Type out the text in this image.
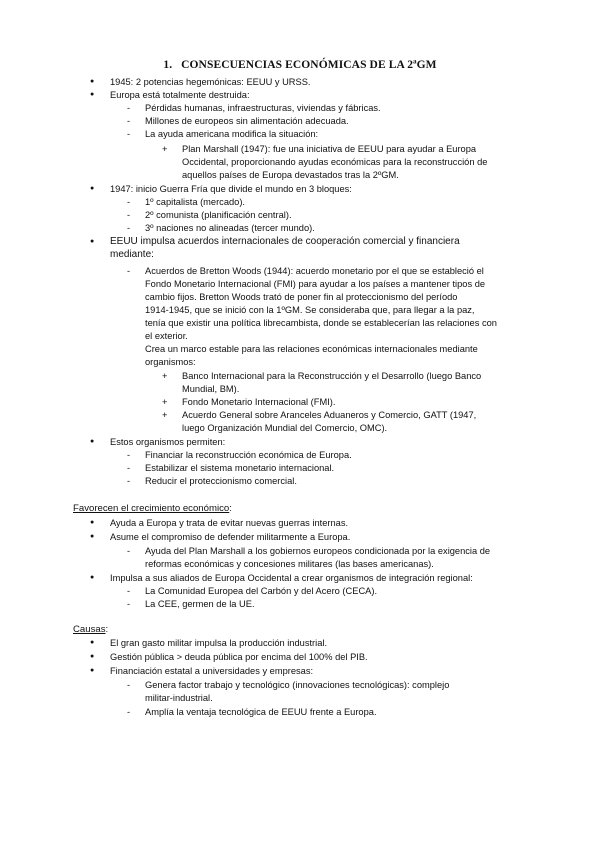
1.   CONSECUENCIAS ECONÓMICAS DE LA 2ªGM
● 1945: 2 potencias hegemónicas: EEUU y URSS.
● Europa está totalmente destruida:
- Pérdidas humanas, infraestructuras, viviendas y fábricas.
- Millones de europeos sin alimentación adecuada.
- La ayuda americana modifica la situación:
+ Plan Marshall (1947): fue una iniciativa de EEUU para ayudar a Europa
Occidental, proporcionando ayudas económicas para la reconstrucción de
aquellos países de Europa devastados tras la 2ºGM.
● 1947: inicio Guerra Fría que divide el mundo en 3 bloques:
- 1º capitalista (mercado).
- 2º comunista (planificación central).
- 3º naciones no alineadas (tercer mundo).
● EEUU impulsa acuerdos internacionales de cooperación comercial y financiera
mediante:
- Acuerdos de Bretton Woods (1944): acuerdo monetario por el que se estableció el
Fondo Monetario Internacional (FMI) para ayudar a los países a mantener tipos de
cambio fijos. Bretton Woods trató de poner fin al proteccionismo del período
1914-1945, que se inició con la 1ºGM. Se consideraba que, para llegar a la paz,
tenía que existir una política librecambista, donde se establecerían las relaciones con
el exterior.
Crea un marco estable para las relaciones económicas internacionales mediante
organismos:
+ Banco Internacional para la Reconstrucción y el Desarrollo (luego Banco
Mundial, BM).
+ Fondo Monetario Internacional (FMI).
+ Acuerdo General sobre Aranceles Aduaneros y Comercio, GATT (1947,
luego Organización Mundial del Comercio, OMC).
● Estos organismos permiten:
- Financiar la reconstrucción económica de Europa.
- Estabilizar el sistema monetario internacional.
- Reducir el proteccionismo comercial.
Favorecen el crecimiento económico:
● Ayuda a Europa y trata de evitar nuevas guerras internas.
● Asume el compromiso de defender militarmente a Europa.
- Ayuda del Plan Marshall a los gobiernos europeos condicionada por la exigencia de
reformas económicas y concesiones militares (las bases americanas).
● Impulsa a sus aliados de Europa Occidental a crear organismos de integración regional:
- La Comunidad Europea del Carbón y del Acero (CECA).
- La CEE, germen de la UE.
Causas:
● El gran gasto militar impulsa la producción industrial.
● Gestión pública > deuda pública por encima del 100% del PIB.
● Financiación estatal a universidades y empresas:
- Genera factor trabajo y tecnológico (innovaciones tecnológicas): complejo
militar-industrial.
- Amplía la ventaja tecnológica de EEUU frente a Europa.
